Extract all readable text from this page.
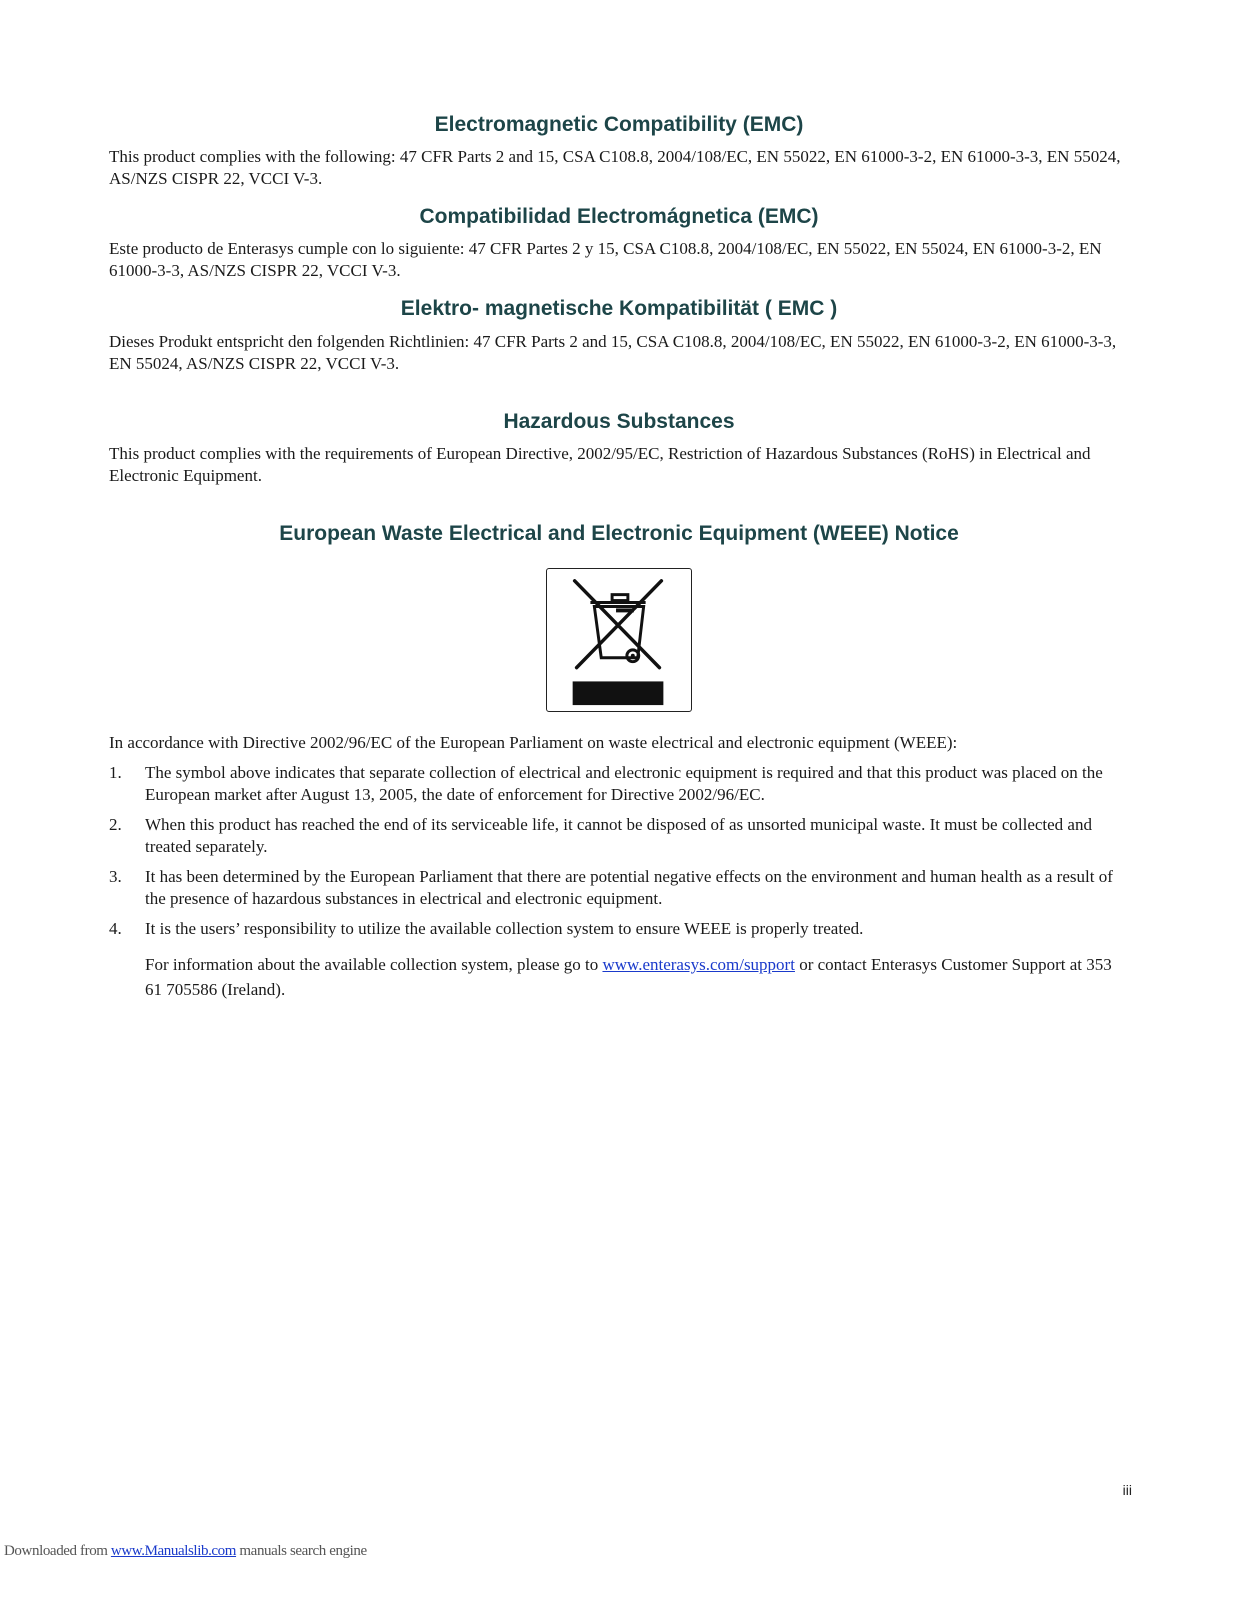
Electromagnetic Compatibility (EMC)

This product complies with the following: 47 CFR Parts 2 and 15, CSA C108.8, 2004/108/EC, EN 55022, EN 61000-3-2, EN 61000-3-3, EN 55024, AS/NZS CISPR 22, VCCI V-3.

Compatibilidad Electromágnetica (EMC)

Este producto de Enterasys cumple con lo siguiente: 47 CFR Partes 2 y 15, CSA C108.8, 2004/108/EC, EN 55022, EN 55024, EN 61000-3-2, EN 61000-3-3, AS/NZS CISPR 22, VCCI V-3.

Elektro- magnetische Kompatibilität ( EMC )

Dieses Produkt entspricht den folgenden Richtlinien: 47 CFR Parts 2 and 15, CSA C108.8, 2004/108/EC, EN 55022, EN 61000-3-2, EN 61000-3-3, EN 55024, AS/NZS CISPR 22, VCCI V-3.

Hazardous Substances

This product complies with the requirements of European Directive, 2002/95/EC, Restriction of Hazardous Substances (RoHS) in Electrical and Electronic Equipment.

European Waste Electrical and Electronic Equipment (WEEE) Notice

In accordance with Directive 2002/96/EC of the European Parliament on waste electrical and electronic equipment (WEEE):

1.	The symbol above indicates that separate collection of electrical and electronic equipment is required and that this product was placed on the European market after August 13, 2005, the date of enforcement for Directive 2002/96/EC.
2.	When this product has reached the end of its serviceable life, it cannot be disposed of as unsorted municipal waste. It must be collected and treated separately.
3.	It has been determined by the European Parliament that there are potential negative effects on the environment and human health as a result of the presence of hazardous substances in electrical and electronic equipment.
4.	It is the users’ responsibility to utilize the available collection system to ensure WEEE is properly treated.

For information about the available collection system, please go to www.enterasys.com/support or contact Enterasys Customer Support at 353 61 705586 (Ireland).

iii
Downloaded from www.Manualslib.com manuals search engine
